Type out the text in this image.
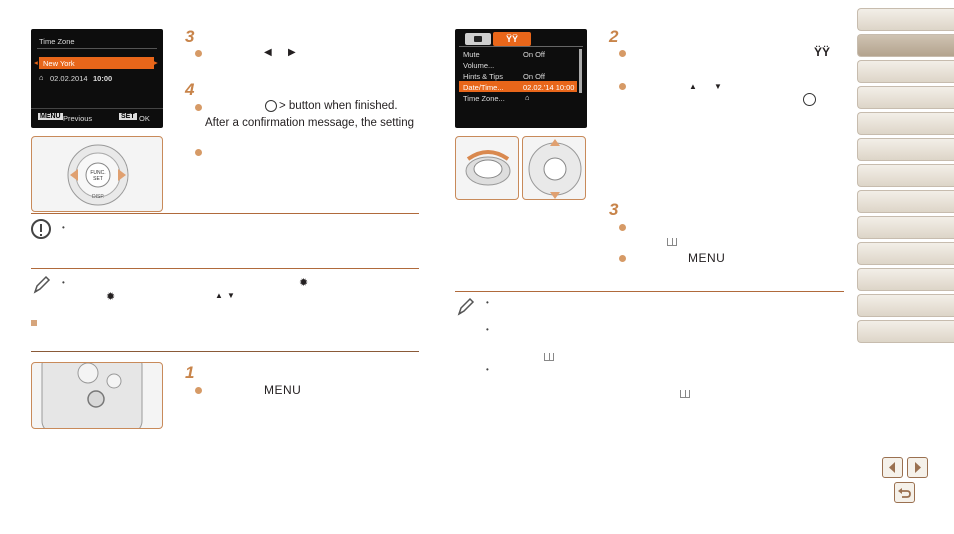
Time Zone
◂ New York	▸
⌂ 02.02.2014 10:00
MENU Previous	SET OK
FUNC. SET
DISP.
3
◀ ▶
4
> button when finished.
After a confirmation message, the setting
•
•	✹
✹	▲ ▼
1
MENU
ŸŸ
Mute	On Off
Volume...
Hints & Tips	On Off
Date/Time...	02.02.'14 10:00
Time Zone...	⌂
2
ŸŸ
▲ ▼
3
MENU
•
•
•
